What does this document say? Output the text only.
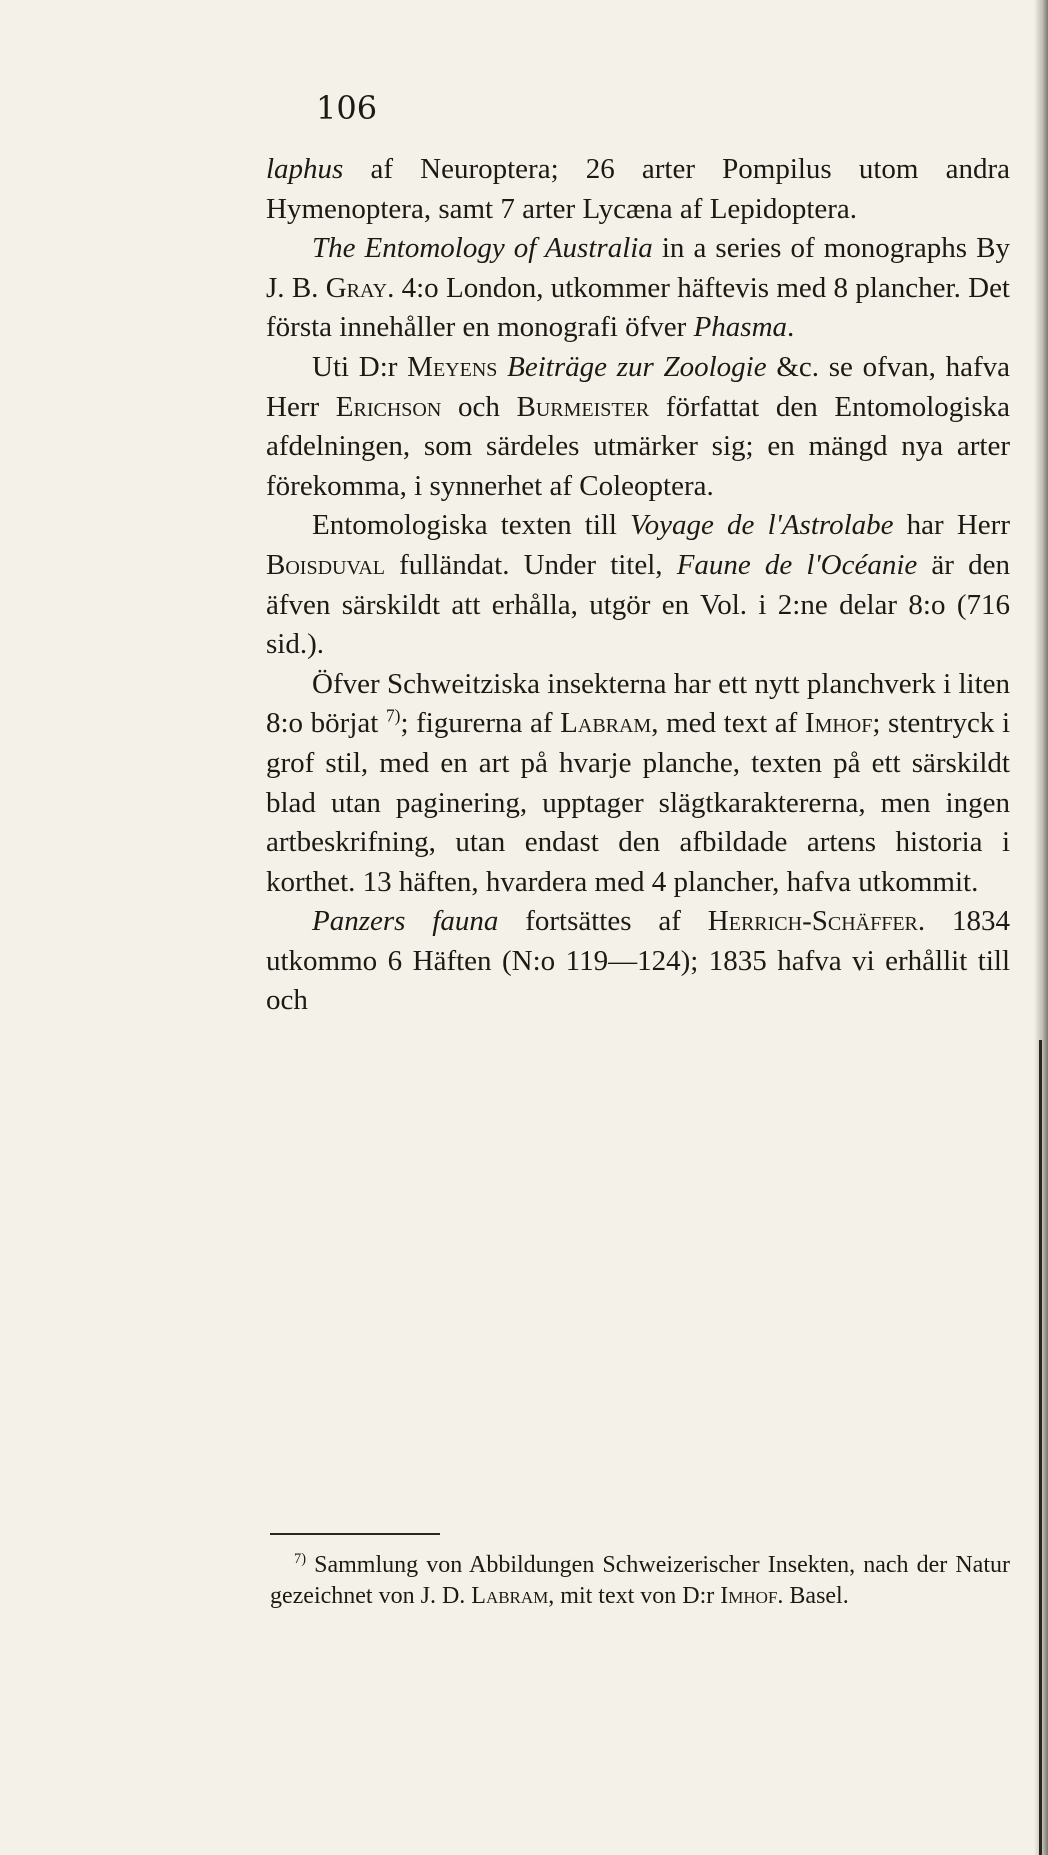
106

laphus af Neuroptera; 26 arter Pompilus utom andra Hymenoptera, samt 7 arter Lycæna af Lepidoptera.

The Entomology of Australia in a series of monographs By J. B. Gray. 4:o London, utkommer häftevis med 8 plancher. Det första innehåller en monografi öfver Phasma.

Uti D:r Meyens Beiträge zur Zoologie &c. se ofvan, hafva Herr Erichson och Burmeister författat den Entomologiska afdelningen, som särdeles utmärker sig; en mängd nya arter förekomma, i synnerhet af Coleoptera.

Entomologiska texten till Voyage de l'Astrolabe har Herr Boisduval fulländat. Under titel, Faune de l'Océanie är den äfven särskildt att erhålla, utgör en Vol. i 2:ne delar 8:o (716 sid.).

Öfver Schweitziska insekterna har ett nytt planchverk i liten 8:o börjat $^{7)}$; figurerna af Labram, med text af Imhof; stentryck i grof stil, med en art på hvarje planche, texten på ett särskildt blad utan paginering, upptager slägtkaraktererna, men ingen artbeskrifning, utan endast den afbildade artens historia i korthet. 13 häften, hvardera med 4 plancher, hafva utkommit.

Panzers fauna fortsättes af Herrich-Schäffer. 1834 utkommo 6 Häften (N:o 119—124); 1835 hafva vi erhållit till och

$^{7)}$ Sammlung von Abbildungen Schweizerischer Insekten, nach der Natur gezeichnet von J. D. Labram, mit text von D:r Imhof. Basel.
